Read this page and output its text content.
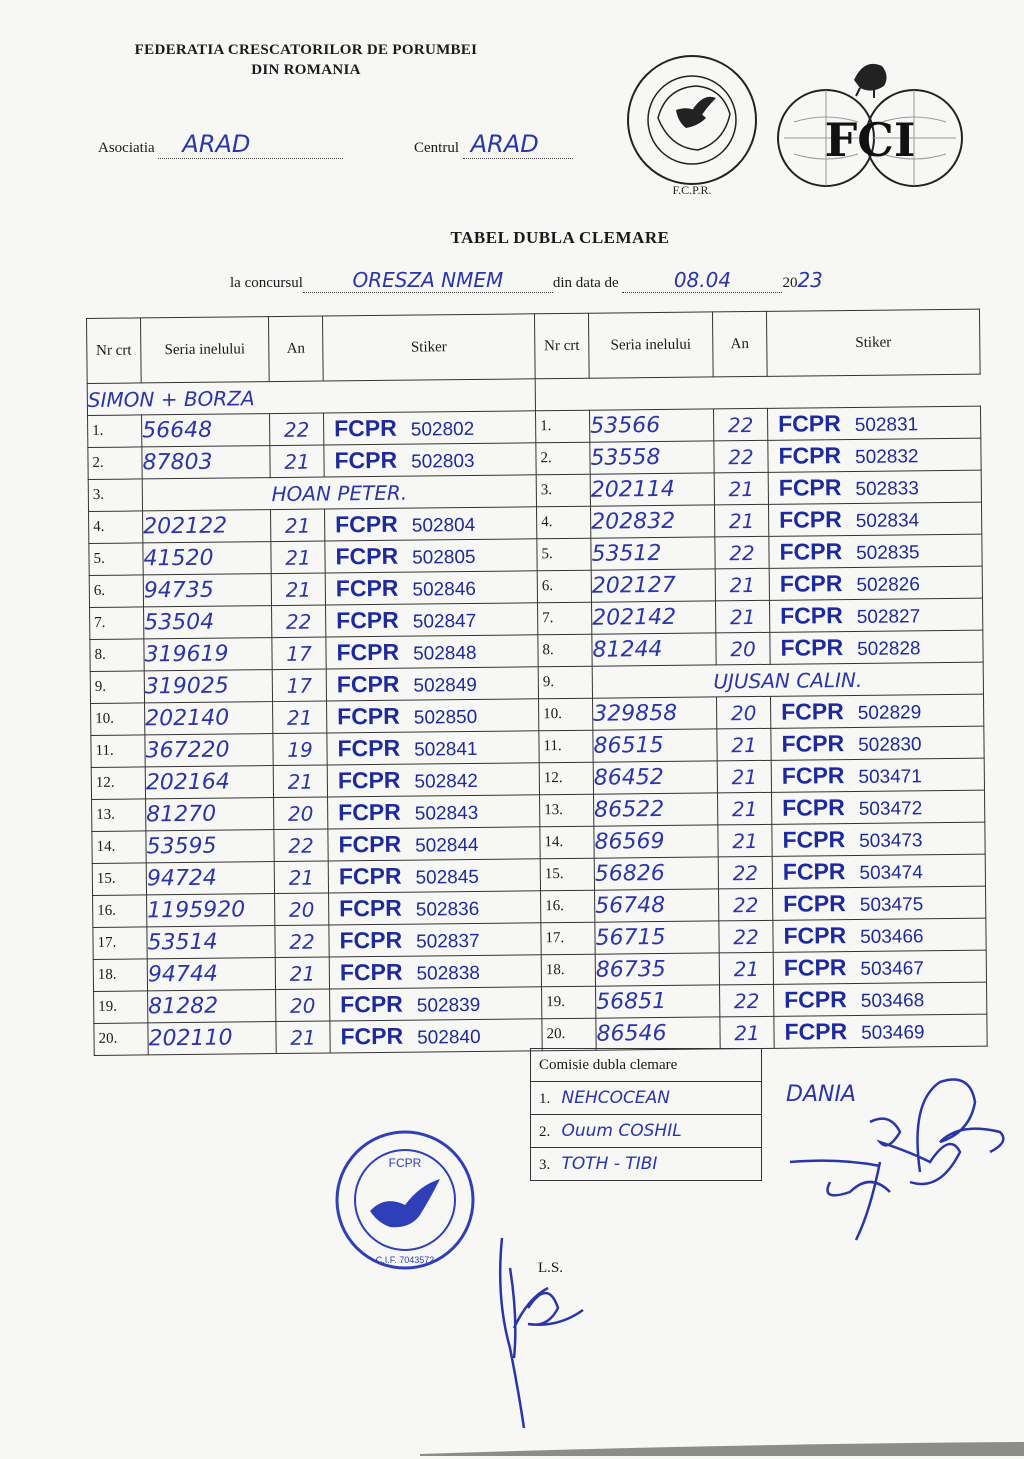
FEDERATIA CRESCATORILOR DE PORUMBEI
DIN ROMANIA
Asociatia ARAD	Centrul ARAD
F.C.P.R.
FCI
TABEL DUBLA CLEMARE
la concursul ORESZA NMEM	din data de	08.04	2023
Nr crt	Seria inelului	An	Stiker	Nr crt	Seria inelului	An	Stiker
SIMON + BORZA							
1.	56648	22	FCPR 502802	1.	53566	22	FCPR 502831
2.	87803	21	FCPR 502803	2.	53558	22	FCPR 502832
3.	HOAN PETER.			3.	202114	21	FCPR 502833
4.	202122	21	FCPR 502804	4.	202832	21	FCPR 502834
5.	41520	21	FCPR 502805	5.	53512	22	FCPR 502835
6.	94735	21	FCPR 502846	6.	202127	21	FCPR 502826
7.	53504	22	FCPR 502847	7.	202142	21	FCPR 502827
8.	319619	17	FCPR 502848	8.	81244	20	FCPR 502828
9.	319025	17	FCPR 502849	9.	UJUSAN CALIN.		
10.	202140	21	FCPR 502850	10.	329858	20	FCPR 502829
11.	367220	19	FCPR 502841	11.	86515	21	FCPR 502830
12.	202164	21	FCPR 502842	12.	86452	21	FCPR 503471
13.	81270	20	FCPR 502843	13.	86522	21	FCPR 503472
14.	53595	22	FCPR 502844	14.	86569	21	FCPR 503473
15.	94724	21	FCPR 502845	15.	56826	22	FCPR 503474
16.	1195920	20	FCPR 502836	16.	56748	22	FCPR 503475
17.	53514	22	FCPR 502837	17.	56715	22	FCPR 503466
18.	94744	21	FCPR 502838	18.	86735	21	FCPR 503467
19.	81282	20	FCPR 502839	19.	56851	22	FCPR 503468
20.	202110	21	FCPR 502840	20.	86546	21	FCPR 503469
Comisie dubla clemare
1. NEHCOCEAN
2. Ouum COSHIL
3. TOTH - TIBI
DANIA
L.S.
FCPR
C.I.F. 7043572
